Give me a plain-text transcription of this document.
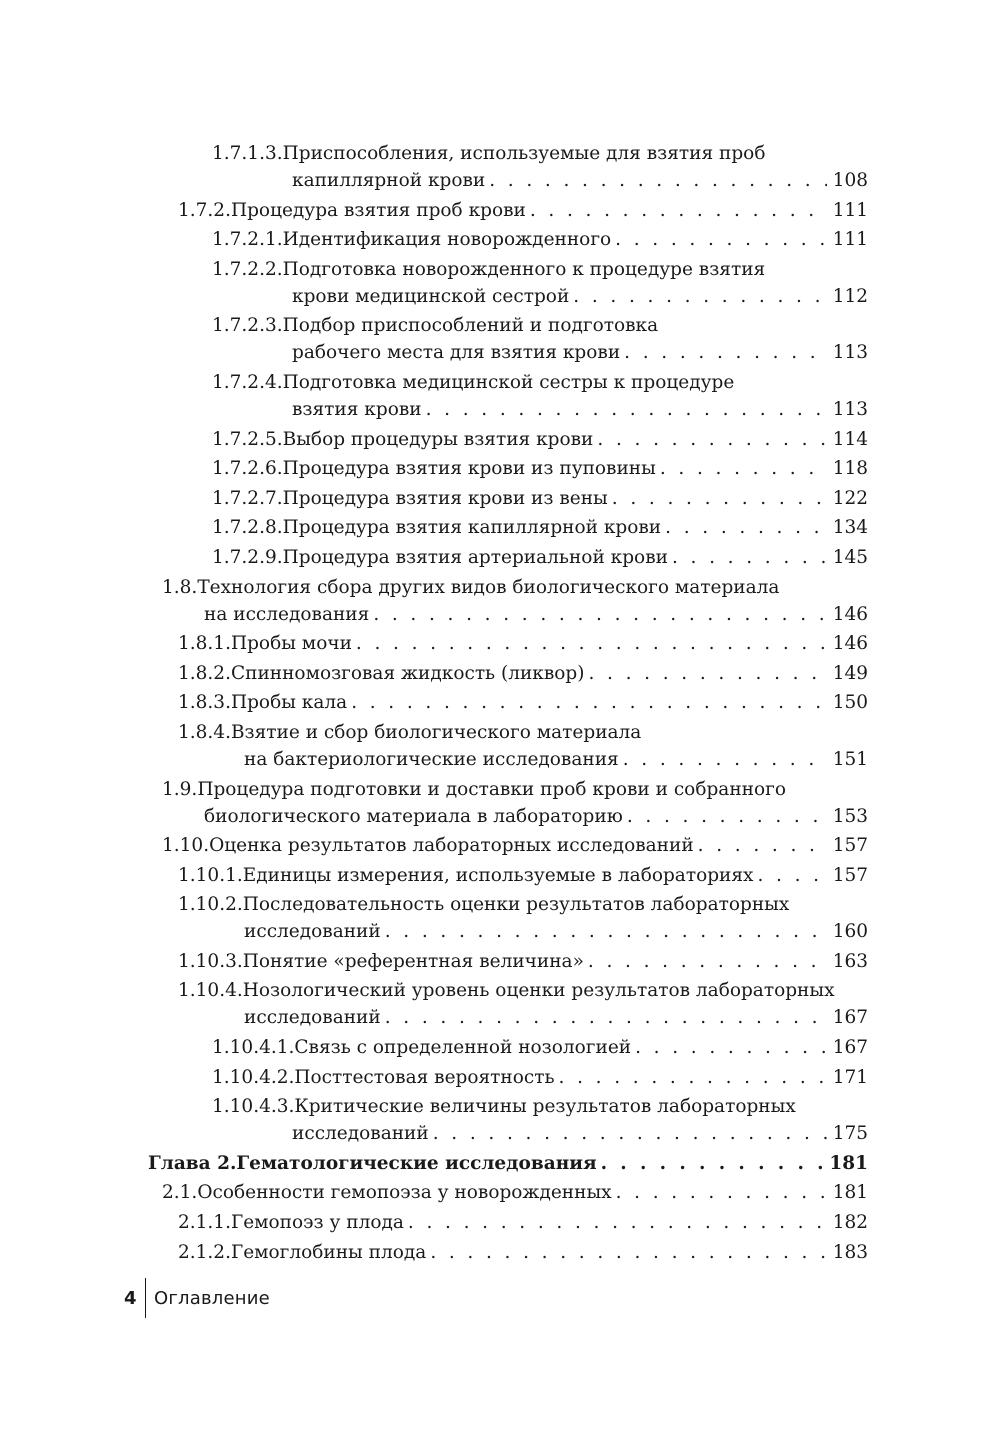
1.7.1.3. Приспособления, используемые для взятия проб
капиллярной крови . . .	108
1.7.2. Процедура взятия проб крови . . .	111
1.7.2.1. Идентификация новорожденного . . .	111
1.7.2.2. Подготовка новорожденного к процедуре взятия
крови медицинской сестрой . . .	112
1.7.2.3. Подбор приспособлений и подготовка
рабочего места для взятия крови . . .	113
1.7.2.4. Подготовка медицинской сестры к процедуре
взятия крови . . .	113
1.7.2.5. Выбор процедуры взятия крови . . .	114
1.7.2.6. Процедура взятия крови из пуповины . . .	118
1.7.2.7. Процедура взятия крови из вены . . .	122
1.7.2.8. Процедура взятия капиллярной крови . . .	134
1.7.2.9. Процедура взятия артериальной крови . . .	145
1.8. Технология сбора других видов биологического материала
на исследования . . .	146
1.8.1. Пробы мочи . . .	146
1.8.2. Спинномозговая жидкость (ликвор) . . .	149
1.8.3. Пробы кала . . .	150
1.8.4. Взятие и сбор биологического материала
на бактериологические исследования . . .	151
1.9. Процедура подготовки и доставки проб крови и собранного
биологического материала в лабораторию . . .	153
1.10. Оценка результатов лабораторных исследований . . .	157
1.10.1. Единицы измерения, используемые в лабораториях . . .	157
1.10.2. Последовательность оценки результатов лабораторных
исследований . . .	160
1.10.3. Понятие «референтная величина» . . .	163
1.10.4. Нозологический уровень оценки результатов лабораторных
исследований . . .	167
1.10.4.1. Связь с определенной нозологией . . .	167
1.10.4.2. Посттестовая вероятность . . .	171
1.10.4.3. Критические величины результатов лабораторных
исследований . . .	175
Глава 2. Гематологические исследования . . .	181
2.1. Особенности гемопоэза у новорожденных . . .	181
2.1.1. Гемопоэз у плода . . .	182
2.1.2. Гемоглобины плода . . .	183
4 Оглавление
